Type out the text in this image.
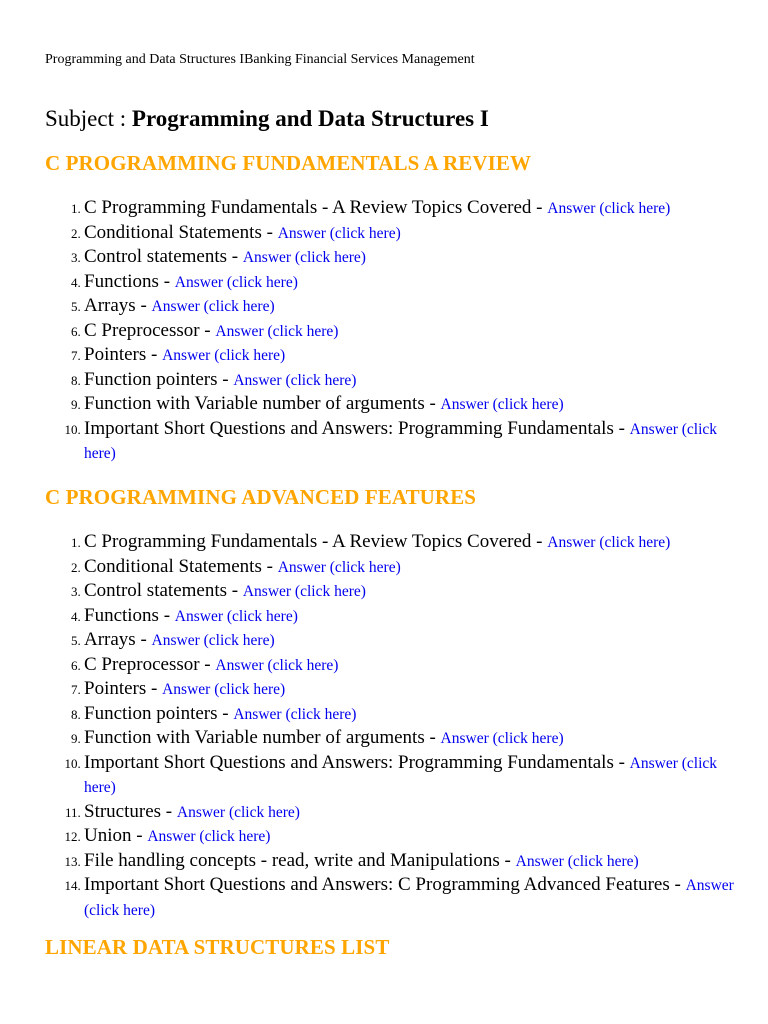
Programming and Data Structures IBanking Financial Services Management
Subject : Programming and Data Structures I
C PROGRAMMING FUNDAMENTALS A REVIEW
1. C Programming Fundamentals - A Review Topics Covered - Answer (click here)
2. Conditional Statements - Answer (click here)
3. Control statements - Answer (click here)
4. Functions - Answer (click here)
5. Arrays - Answer (click here)
6. C Preprocessor - Answer (click here)
7. Pointers - Answer (click here)
8. Function pointers - Answer (click here)
9. Function with Variable number of arguments - Answer (click here)
10. Important Short Questions and Answers: Programming Fundamentals - Answer (click here)
C PROGRAMMING ADVANCED FEATURES
1. C Programming Fundamentals - A Review Topics Covered - Answer (click here)
2. Conditional Statements - Answer (click here)
3. Control statements - Answer (click here)
4. Functions - Answer (click here)
5. Arrays - Answer (click here)
6. C Preprocessor - Answer (click here)
7. Pointers - Answer (click here)
8. Function pointers - Answer (click here)
9. Function with Variable number of arguments - Answer (click here)
10. Important Short Questions and Answers: Programming Fundamentals - Answer (click here)
11. Structures - Answer (click here)
12. Union - Answer (click here)
13. File handling concepts - read, write and Manipulations - Answer (click here)
14. Important Short Questions and Answers: C Programming Advanced Features - Answer (click here)
LINEAR DATA STRUCTURES LIST
